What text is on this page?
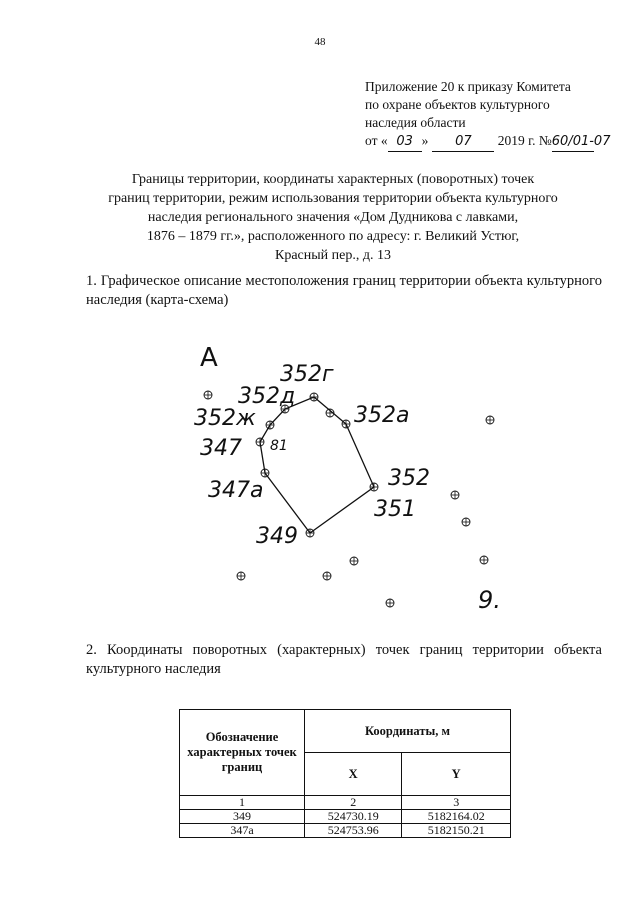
48
Приложение 20 к приказу Комитета
по охране объектов культурного
наследия области
от « 03 » 07 2019 г. №60/01-07
Границы территории, координаты характерных (поворотных) точек
границ территории, режим использования территории объекта культурного
наследия регионального значения «Дом Дудникова с лавками,
1876 – 1879 гг.», расположенного по адресу: г. Великий Устюг,
Красный пер., д. 13
1. Графическое описание местоположения границ территории объекта культурного наследия (карта-схема)
А
352г
352д
352а
352ж
347 81
347а	352
351
349
9.
2. Координаты поворотных (характерных) точек границ территории объекта культурного наследия
Обозначение характерных точек границ	Координаты, м	
	X	Y
1	2	3
349	524730.19	5182164.02
347а	524753.96	5182150.21
